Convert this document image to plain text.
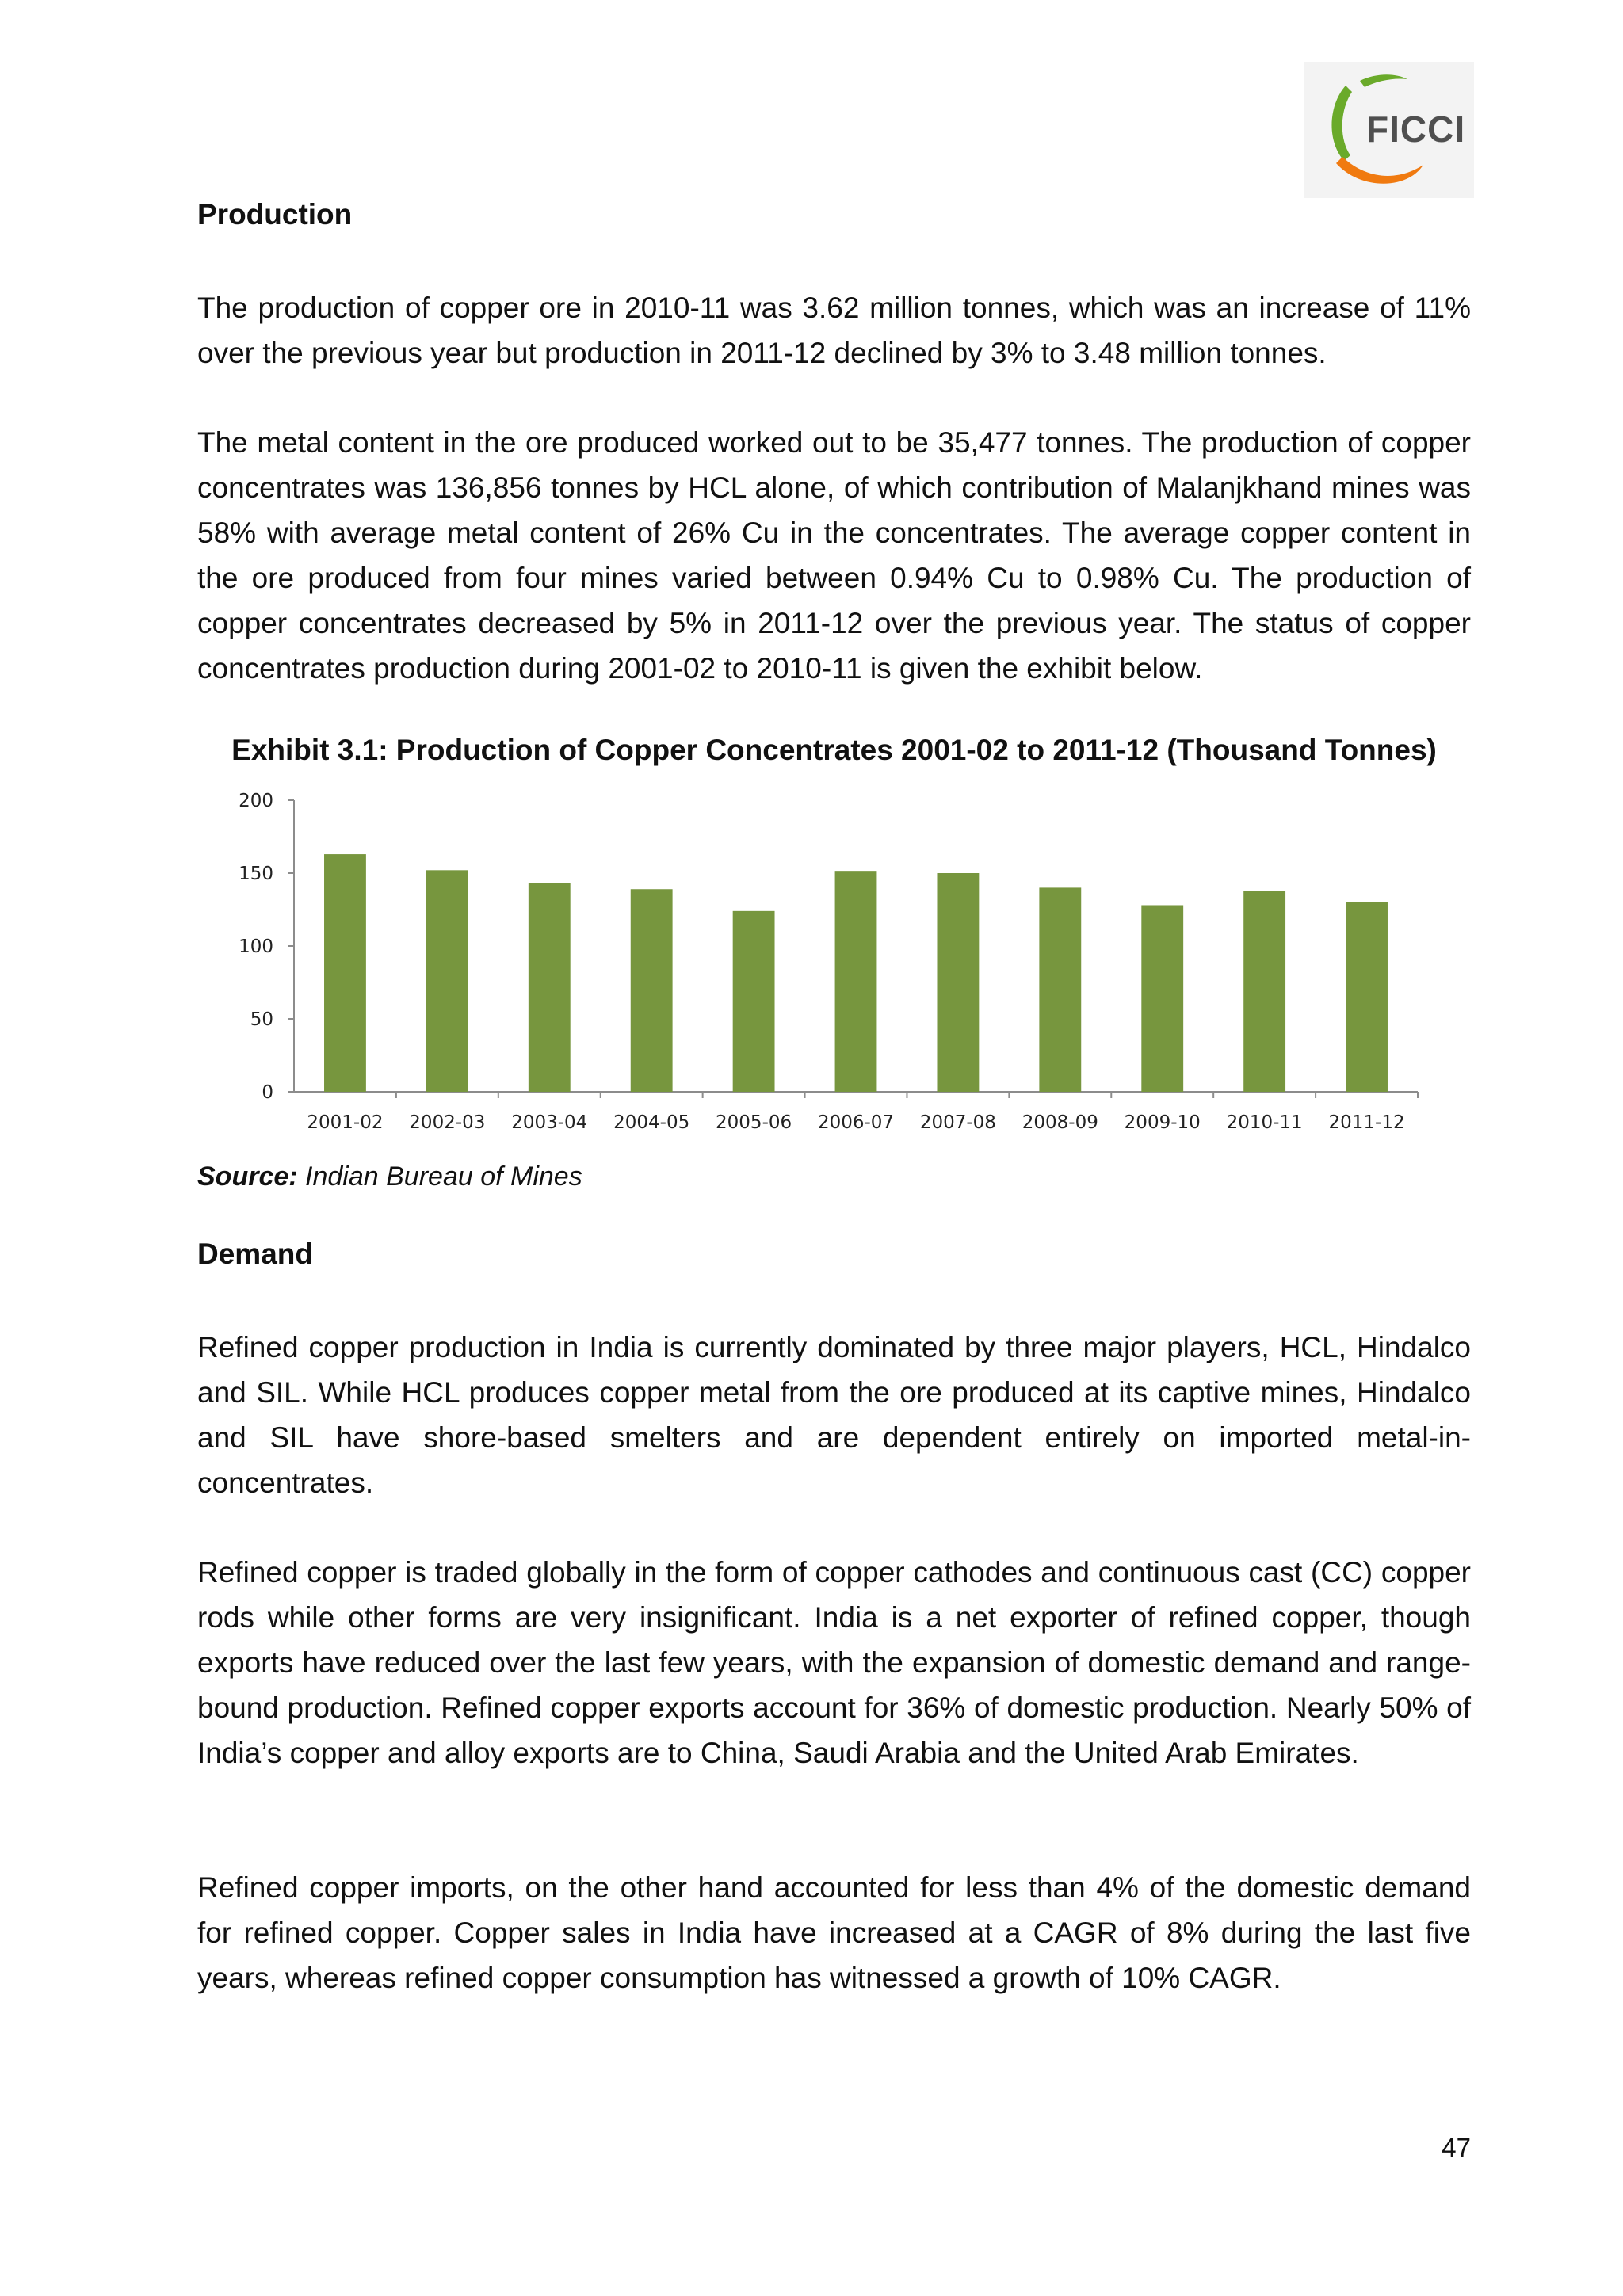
FICCI
Production

The production of copper ore in 2010-11 was 3.62 million tonnes, which was an increase of 11% over the previous year but production in 2011-12 declined by 3% to 3.48 million tonnes.

The metal content in the ore produced worked out to be 35,477 tonnes. The production of copper concentrates was 136,856 tonnes by HCL alone, of which contribution of Malanjkhand mines was 58% with average metal content of 26% Cu in the concentrates. The average copper content in the ore produced from four mines varied between 0.94% Cu to 0.98% Cu. The production of copper concentrates decreased by 5% in 2011-12 over the previous year. The status of copper concentrates production during 2001-02 to 2010-11 is given the exhibit below.

Exhibit 3.1: Production of Copper Concentrates 2001-02 to 2011-12 (Thousand Tonnes)

0
50
100
150
200
2001-02 2002-03 2003-04 2004-05 2005-06 2006-07 2007-08 2008-09 2009-10 2010-11 2011-12

Source: Indian Bureau of Mines

Demand

Refined copper production in India is currently dominated by three major players, HCL, Hindalco and SIL. While HCL produces copper metal from the ore produced at its captive mines, Hindalco and SIL have shore-based smelters and are dependent entirely on imported metal-in-concentrates.

Refined copper is traded globally in the form of copper cathodes and continuous cast (CC) copper rods while other forms are very insignificant. India is a net exporter of refined copper, though exports have reduced over the last few years, with the expansion of domestic demand and range-bound production. Refined copper exports account for 36% of domestic production. Nearly 50% of India’s copper and alloy exports are to China, Saudi Arabia and the United Arab Emirates.

Refined copper imports, on the other hand accounted for less than 4% of the domestic demand for refined copper. Copper sales in India have increased at a CAGR of 8% during the last five years, whereas refined copper consumption has witnessed a growth of 10% CAGR.

47
